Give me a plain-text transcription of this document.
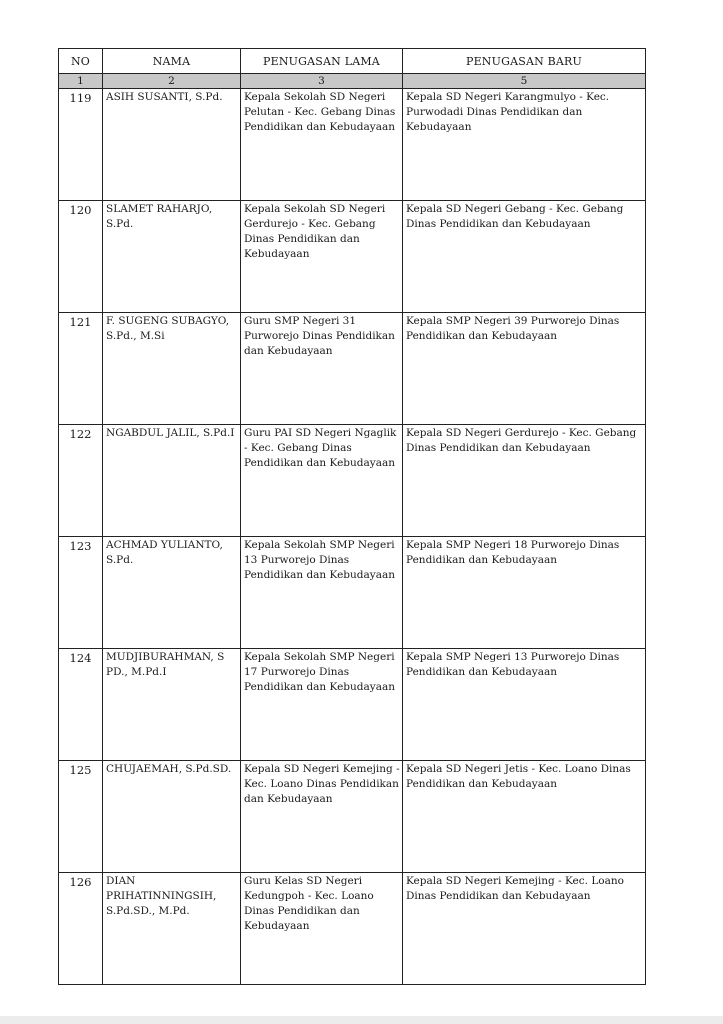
NO	NAMA	PENUGASAN LAMA	PENUGASAN BARU
1	2	3	5
119	ASIH SUSANTI, S.Pd.	Kepala Sekolah SD Negeri Pelutan - Kec. Gebang Dinas Pendidikan dan Kebudayaan	Kepala SD Negeri Karangmulyo - Kec. Purwodadi Dinas Pendidikan dan Kebudayaan
120	SLAMET RAHARJO, S.Pd.	Kepala Sekolah SD Negeri Gerdurejo - Kec. Gebang Dinas Pendidikan dan Kebudayaan	Kepala SD Negeri Gebang - Kec. Gebang Dinas Pendidikan dan Kebudayaan
121	F. SUGENG SUBAGYO, S.Pd., M.Si	Guru SMP Negeri 31 Purworejo Dinas Pendidikan dan Kebudayaan	Kepala SMP Negeri 39 Purworejo Dinas Pendidikan dan Kebudayaan
122	NGABDUL JALIL, S.Pd.I	Guru PAI SD Negeri Ngaglik - Kec. Gebang Dinas Pendidikan dan Kebudayaan	Kepala SD Negeri Gerdurejo - Kec. Gebang Dinas Pendidikan dan Kebudayaan
123	ACHMAD YULIANTO, S.Pd.	Kepala Sekolah SMP Negeri 13 Purworejo Dinas Pendidikan dan Kebudayaan	Kepala SMP Negeri 18 Purworejo Dinas Pendidikan dan Kebudayaan
124	MUDJIBURAHMAN, S PD., M.Pd.I	Kepala Sekolah SMP Negeri 17 Purworejo Dinas Pendidikan dan Kebudayaan	Kepala SMP Negeri 13 Purworejo Dinas Pendidikan dan Kebudayaan
125	CHUJAEMAH, S.Pd.SD.	Kepala SD Negeri Kemejing - Kec. Loano Dinas Pendidikan dan Kebudayaan	Kepala SD Negeri Jetis - Kec. Loano Dinas Pendidikan dan Kebudayaan
126	DIAN PRIHATINNINGSIH, S.Pd.SD., M.Pd.	Guru Kelas SD Negeri Kedungpoh - Kec. Loano Dinas Pendidikan dan Kebudayaan	Kepala SD Negeri Kemejing - Kec. Loano Dinas Pendidikan dan Kebudayaan
